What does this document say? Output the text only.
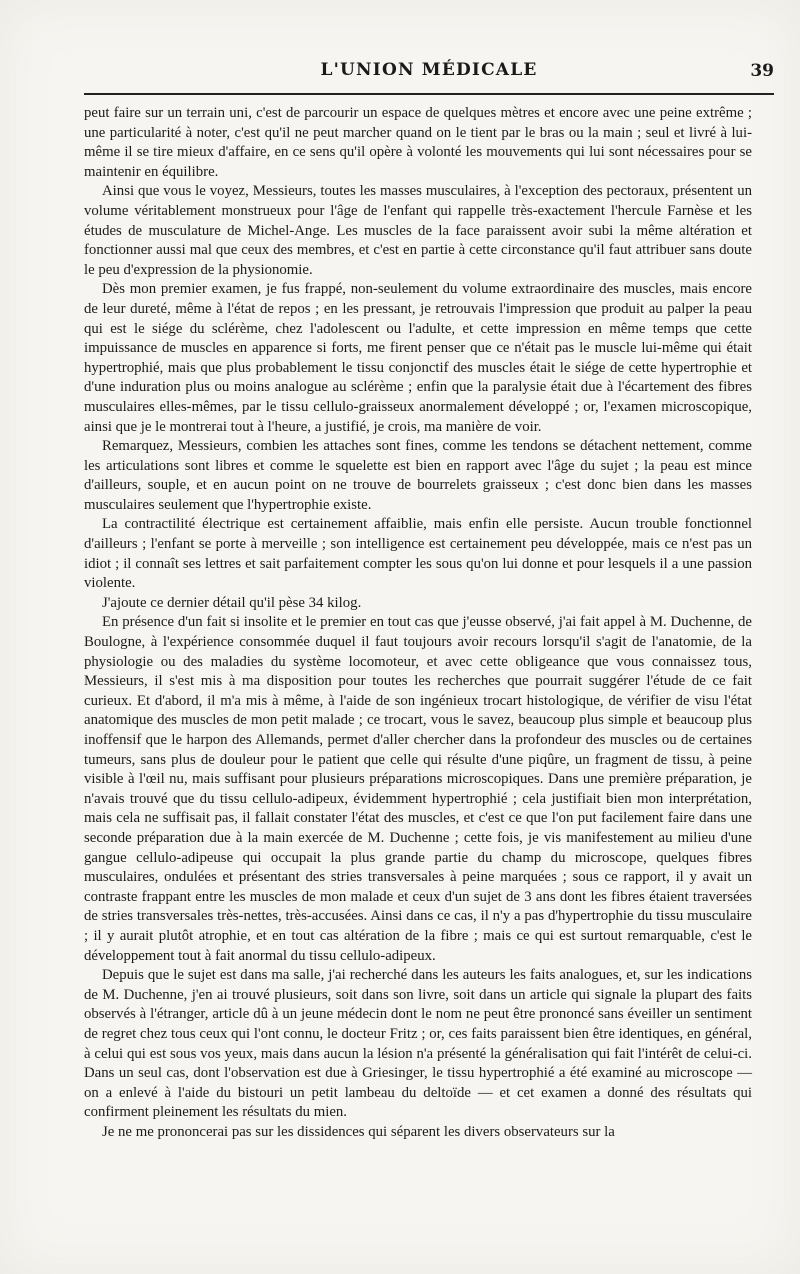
L'UNION MÉDICALE	39

peut faire sur un terrain uni, c'est de parcourir un espace de quelques mètres et encore avec une peine extrême ; une particularité à noter, c'est qu'il ne peut marcher quand on le tient par le bras ou la main ; seul et livré à lui-même il se tire mieux d'affaire, en ce sens qu'il opère à volonté les mouvements qui lui sont nécessaires pour se maintenir en équilibre.

Ainsi que vous le voyez, Messieurs, toutes les masses musculaires, à l'exception des pectoraux, présentent un volume véritablement monstrueux pour l'âge de l'enfant qui rappelle très-exactement l'hercule Farnèse et les études de musculature de Michel-Ange. Les muscles de la face paraissent avoir subi la même altération et fonctionner aussi mal que ceux des membres, et c'est en partie à cette circonstance qu'il faut attribuer sans doute le peu d'expression de la physionomie.

Dès mon premier examen, je fus frappé, non-seulement du volume extraordinaire des muscles, mais encore de leur dureté, même à l'état de repos ; en les pressant, je retrouvais l'impression que produit au palper la peau qui est le siége du sclérème, chez l'adolescent ou l'adulte, et cette impression en même temps que cette impuissance de muscles en apparence si forts, me firent penser que ce n'était pas le muscle lui-même qui était hypertrophié, mais que plus probablement le tissu conjonctif des muscles était le siége de cette hypertrophie et d'une induration plus ou moins analogue au sclérème ; enfin que la paralysie était due à l'écartement des fibres musculaires elles-mêmes, par le tissu cellulo-graisseux anormalement développé ; or, l'examen microscopique, ainsi que je le montrerai tout à l'heure, a justifié, je crois, ma manière de voir.

Remarquez, Messieurs, combien les attaches sont fines, comme les tendons se détachent nettement, comme les articulations sont libres et comme le squelette est bien en rapport avec l'âge du sujet ; la peau est mince d'ailleurs, souple, et en aucun point on ne trouve de bourrelets graisseux ; c'est donc bien dans les masses musculaires seulement que l'hypertrophie existe.

La contractilité électrique est certainement affaiblie, mais enfin elle persiste. Aucun trouble fonctionnel d'ailleurs ; l'enfant se porte à merveille ; son intelligence est certainement peu développée, mais ce n'est pas un idiot ; il connaît ses lettres et sait parfaitement compter les sous qu'on lui donne et pour lesquels il a une passion violente.

J'ajoute ce dernier détail qu'il pèse 34 kilog.

En présence d'un fait si insolite et le premier en tout cas que j'eusse observé, j'ai fait appel à M. Duchenne, de Boulogne, à l'expérience consommée duquel il faut toujours avoir recours lorsqu'il s'agit de l'anatomie, de la physiologie ou des maladies du système locomoteur, et avec cette obligeance que vous connaissez tous, Messieurs, il s'est mis à ma disposition pour toutes les recherches que pourrait suggérer l'étude de ce fait curieux. Et d'abord, il m'a mis à même, à l'aide de son ingénieux trocart histologique, de vérifier de visu l'état anatomique des muscles de mon petit malade ; ce trocart, vous le savez, beaucoup plus simple et beaucoup plus inoffensif que le harpon des Allemands, permet d'aller chercher dans la profondeur des muscles ou de certaines tumeurs, sans plus de douleur pour le patient que celle qui résulte d'une piqûre, un fragment de tissu, à peine visible à l'œil nu, mais suffisant pour plusieurs préparations microscopiques. Dans une première préparation, je n'avais trouvé que du tissu cellulo-adipeux, évidemment hypertrophié ; cela justifiait bien mon interprétation, mais cela ne suffisait pas, il fallait constater l'état des muscles, et c'est ce que l'on put facilement faire dans une seconde préparation due à la main exercée de M. Duchenne ; cette fois, je vis manifestement au milieu d'une gangue cellulo-adipeuse qui occupait la plus grande partie du champ du microscope, quelques fibres musculaires, ondulées et présentant des stries transversales à peine marquées ; sous ce rapport, il y avait un contraste frappant entre les muscles de mon malade et ceux d'un sujet de 3 ans dont les fibres étaient traversées de stries transversales très-nettes, très-accusées. Ainsi dans ce cas, il n'y a pas d'hypertrophie du tissu musculaire ; il y aurait plutôt atrophie, et en tout cas altération de la fibre ; mais ce qui est surtout remarquable, c'est le développement tout à fait anormal du tissu cellulo-adipeux.

Depuis que le sujet est dans ma salle, j'ai recherché dans les auteurs les faits analogues, et, sur les indications de M. Duchenne, j'en ai trouvé plusieurs, soit dans son livre, soit dans un article qui signale la plupart des faits observés à l'étranger, article dû à un jeune médecin dont le nom ne peut être prononcé sans éveiller un sentiment de regret chez tous ceux qui l'ont connu, le docteur Fritz ; or, ces faits paraissent bien être identiques, en général, à celui qui est sous vos yeux, mais dans aucun la lésion n'a présenté la généralisation qui fait l'intérêt de celui-ci. Dans un seul cas, dont l'observation est due à Griesinger, le tissu hypertrophié a été examiné au microscope — on a enlevé à l'aide du bistouri un petit lambeau du deltoïde — et cet examen a donné des résultats qui confirment pleinement les résultats du mien.

Je ne me prononcerai pas sur les dissidences qui séparent les divers observateurs sur la
